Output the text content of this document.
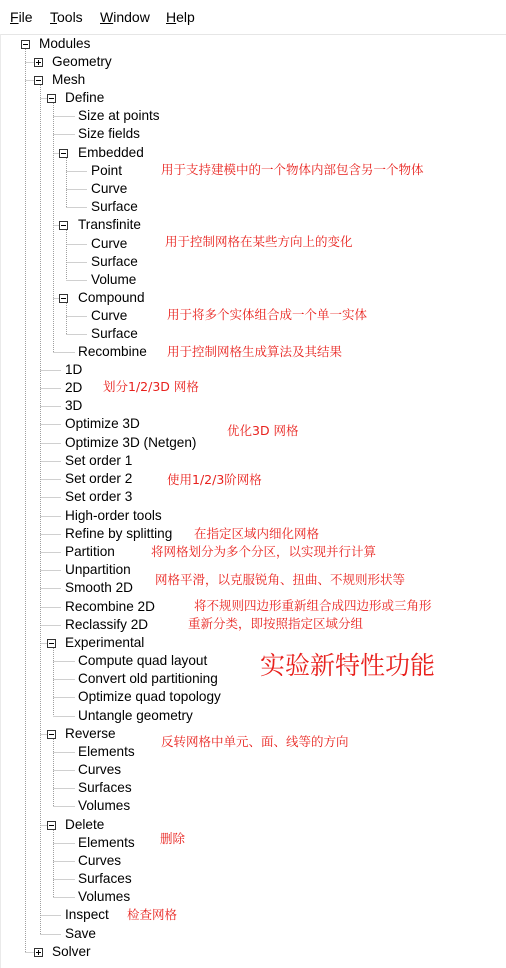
File Tools Window Help
Modules
Geometry
Mesh
Define
Size at points
Size fields
Embedded
Point
Curve
Surface
Transfinite
Curve
Surface
Volume
Compound
Curve
Surface
Recombine
1D
2D
3D
Optimize 3D
Optimize 3D (Netgen)
Set order 1
Set order 2
Set order 3
High-order tools
Refine by splitting
Partition
Unpartition
Smooth 2D
Recombine 2D
Reclassify 2D
Experimental
Compute quad layout
Convert old partitioning
Optimize quad topology
Untangle geometry
Reverse
Elements
Curves
Surfaces
Volumes
Delete
Elements
Curves
Surfaces
Volumes
Inspect
Save
Solver
用于支持建模中的一个物体内部包含另一个物体
用于控制网格在某些方向上的变化
用于将多个实体组合成一个单一实体
用于控制网格生成算法及其结果
划分1/2/3D 网格
优化3D 网格
使用1/2/3阶网格
在指定区域内细化网格
将网格划分为多个分区，以实现并行计算
网格平滑，以克服锐角、扭曲、不规则形状等
将不规则四边形重新组合成四边形或三角形
重新分类，即按照指定区域分组
实验新特性功能
反转网格中单元、面、线等的方向
删除
检查网格
